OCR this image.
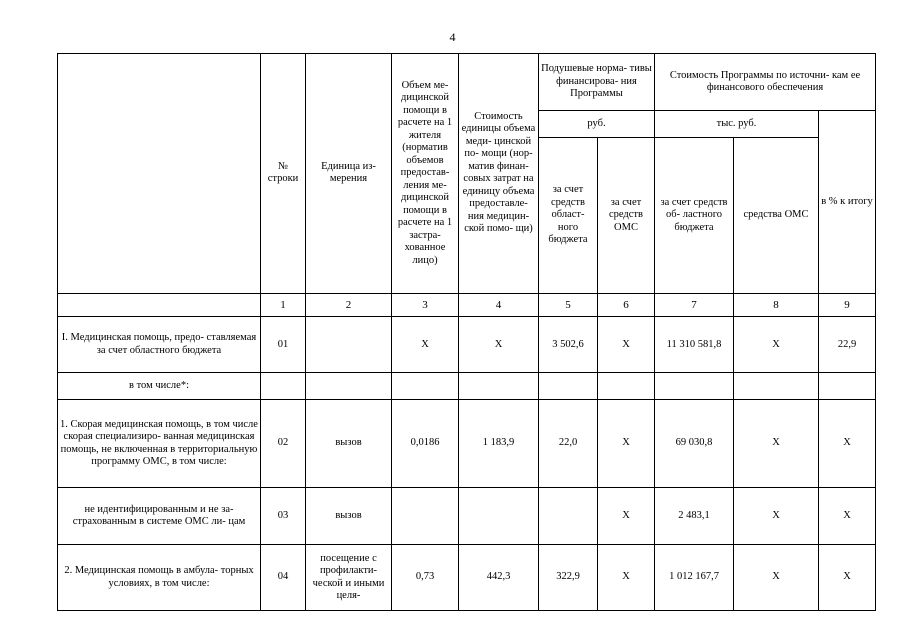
4
	№ строки	Единица из- мерения	Объем ме- дицинской помощи в расчете на 1 жителя (норматив объемов предостав- ления ме- дицинской помощи в расчете на 1 застра- хованное лицо)	Стоимость единицы объема меди- цинской по- мощи (нор- матив финан- совых затрат на единицу объема предоставле- ния медицин- ской помо- щи)	Подушевые норма- тивы финансирова- ния Программы		Стоимость Программы по источни- кам ее финансового обеспечения		
					руб.		тыс. руб.		в % к итогу
					за счет средств област- ного бюджета	за счет средств ОМС	за счет средств об- ластного бюджета	средства ОМС	
	1	2	3	4	5	6	7	8	9
I. Медицинская помощь, предо- ставляемая за счет областного бюджета	01		X	X	3 502,6	X	11 310 581,8	X	22,9
в том числе*:									
1. Скорая медицинская помощь, в том числе скорая специализиро- ванная медицинская помощь, не включенная в территориальную программу ОМС, в том числе:	02	вызов	0,0186	1 183,9	22,0	X	69 030,8	X	X
не идентифицированным и не за- страхованным в системе ОМС ли- цам	03	вызов				X	2 483,1	X	X
2. Медицинская помощь в амбула- торных условиях, в том числе:	04	посещение с профилакти- ческой и иными целя-	0,73	442,3	322,9	X	1 012 167,7	X	X
